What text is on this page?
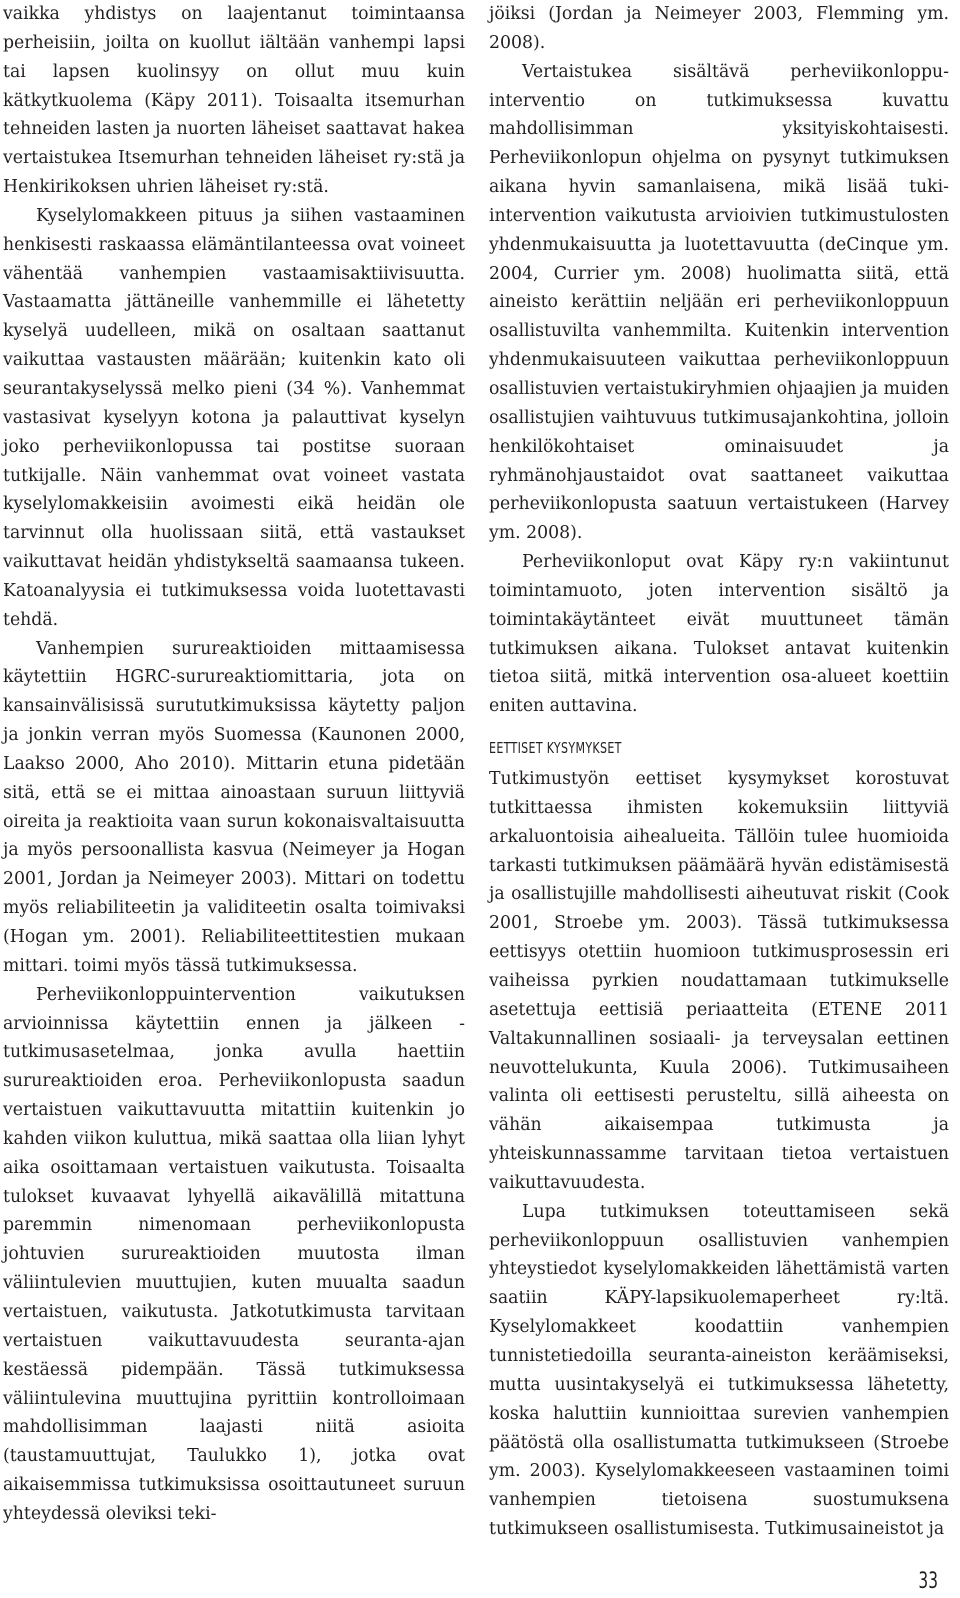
vaikka yhdistys on laajentanut toimintaansa perheisiin, joilta on kuollut iältään vanhempi lapsi tai lapsen kuolinsyy on ollut muu kuin kätkytkuolema (Käpy 2011). Toisaalta itsemurhan tehneiden lasten ja nuorten läheiset saattavat hakea vertaistukea Itsemurhan tehneiden läheiset ry:stä ja Henkirikoksen uhrien läheiset ry:stä.

Kyselylomakkeen pituus ja siihen vastaaminen henkisesti raskaassa elämäntilanteessa ovat voineet vähentää vanhempien vastaamisaktiivisuutta. Vastaamatta jättäneille vanhemmille ei lähetetty kyselyä uudelleen, mikä on osaltaan saattanut vaikuttaa vastausten määrään; kuitenkin kato oli seurantakyselyssä melko pieni (34 %). Vanhemmat vastasivat kyselyyn kotona ja palauttivat kyselyn joko perheviikonlopussa tai postitse suoraan tutkijalle. Näin vanhemmat ovat voineet vastata kyselylomakkeisiin avoimesti eikä heidän ole tarvinnut olla huolissaan siitä, että vastaukset vaikuttavat heidän yhdistykseltä saamaansa tukeen. Katoanalyysia ei tutkimuksessa voida luotettavasti tehdä.

Vanhempien surureaktioiden mittaamisessa käytettiin HGRC-surureaktiomittaria, jota on kansainvälisissä surututkimuksissa käytetty paljon ja jonkin verran myös Suomessa (Kaunonen 2000, Laakso 2000, Aho 2010). Mittarin etuna pidetään sitä, että se ei mittaa ainoastaan suruun liittyviä oireita ja reaktioita vaan surun kokonaisvaltaisuutta ja myös persoonallista kasvua (Neimeyer ja Hogan 2001, Jordan ja Neimeyer 2003). Mittari on todettu myös reliabiliteetin ja validiteetin osalta toimivaksi (Hogan ym. 2001). Reliabiliteettitestien mukaan mittari. toimi myös tässä tutkimuksessa.

Perheviikonloppuintervention vaikutuksen arvioinnissa käytettiin ennen ja jälkeen -tutkimusasetelmaa, jonka avulla haettiin surureaktioiden eroa. Perheviikonlopusta saadun vertaistuen vaikuttavuutta mitattiin kuitenkin jo kahden viikon kuluttua, mikä saattaa olla liian lyhyt aika osoittamaan vertaistuen vaikutusta. Toisaalta tulokset kuvaavat lyhyellä aikavälillä mitattuna paremmin nimenomaan perheviikonlopusta johtuvien surureaktioiden muutosta ilman väliintulevien muuttujien, kuten muualta saadun vertaistuen, vaikutusta. Jatkotutkimusta tarvitaan vertaistuen vaikuttavuudesta seuranta-ajan kestäessä pidempään. Tässä tutkimuksessa väliintulevina muuttujina pyrittiin kontrolloimaan mahdollisimman laajasti niitä asioita (taustamuuttujat, Taulukko 1), jotka ovat aikaisemmissa tutkimuksissa osoittautuneet suruun yhteydessä oleviksi teki-

jöiksi (Jordan ja Neimeyer 2003, Flemming ym. 2008).

Vertaistukea sisältävä perheviikonloppu-interventio on tutkimuksessa kuvattu mahdollisimman yksityiskohtaisesti. Perheviikonlopun ohjelma on pysynyt tutkimuksen aikana hyvin samanlaisena, mikä lisää tuki-intervention vaikutusta arvioivien tutkimustulosten yhdenmukaisuutta ja luotettavuutta (deCinque ym. 2004, Currier ym. 2008) huolimatta siitä, että aineisto kerättiin neljään eri perheviikonloppuun osallistuvilta vanhemmilta. Kuitenkin intervention yhdenmukaisuuteen vaikuttaa perheviikonloppuun osallistuvien vertaistukiryhmien ohjaajien ja muiden osallistujien vaihtuvuus tutkimusajankohtina, jolloin henkilökohtaiset ominaisuudet ja ryhmänohjaustaidot ovat saattaneet vaikuttaa perheviikonlopusta saatuun vertaistukeen (Harvey ym. 2008).

Perheviikonloput ovat Käpy ry:n vakiintunut toimintamuoto, joten intervention sisältö ja toimintakäytänteet eivät muuttuneet tämän tutkimuksen aikana. Tulokset antavat kuitenkin tietoa siitä, mitkä intervention osa-alueet koettiin eniten auttavina.

EETTISET KYSYMYKSET

Tutkimustyön eettiset kysymykset korostuvat tutkittaessa ihmisten kokemuksiin liittyviä arkaluontoisia aihealueita. Tällöin tulee huomioida tarkasti tutkimuksen päämäärä hyvän edistämisestä ja osallistujille mahdollisesti aiheutuvat riskit (Cook 2001, Stroebe ym. 2003). Tässä tutkimuksessa eettisyys otettiin huomioon tutkimusprosessin eri vaiheissa pyrkien noudattamaan tutkimukselle asetettuja eettisiä periaatteita (ETENE 2011 Valtakunnallinen sosiaali- ja terveysalan eettinen neuvottelukunta, Kuula 2006). Tutkimusaiheen valinta oli eettisesti perusteltu, sillä aiheesta on vähän aikaisempaa tutkimusta ja yhteiskunnassamme tarvitaan tietoa vertaistuen vaikuttavuudesta.

Lupa tutkimuksen toteuttamiseen sekä perheviikonloppuun osallistuvien vanhempien yhteystiedot kyselylomakkeiden lähettämistä varten saatiin KÄPY-lapsikuolemaperheet ry:ltä. Kyselylomakkeet koodattiin vanhempien tunnistetiedoilla seuranta-aineiston keräämiseksi, mutta uusintakyselyä ei tutkimuksessa lähetetty, koska haluttiin kunnioittaa surevien vanhempien päätöstä olla osallistumatta tutkimukseen (Stroebe ym. 2003). Kyselylomakkeeseen vastaaminen toimi vanhempien tietoisena suostumuksena tutkimukseen osallistumisesta. Tutkimusaineistot ja

33
